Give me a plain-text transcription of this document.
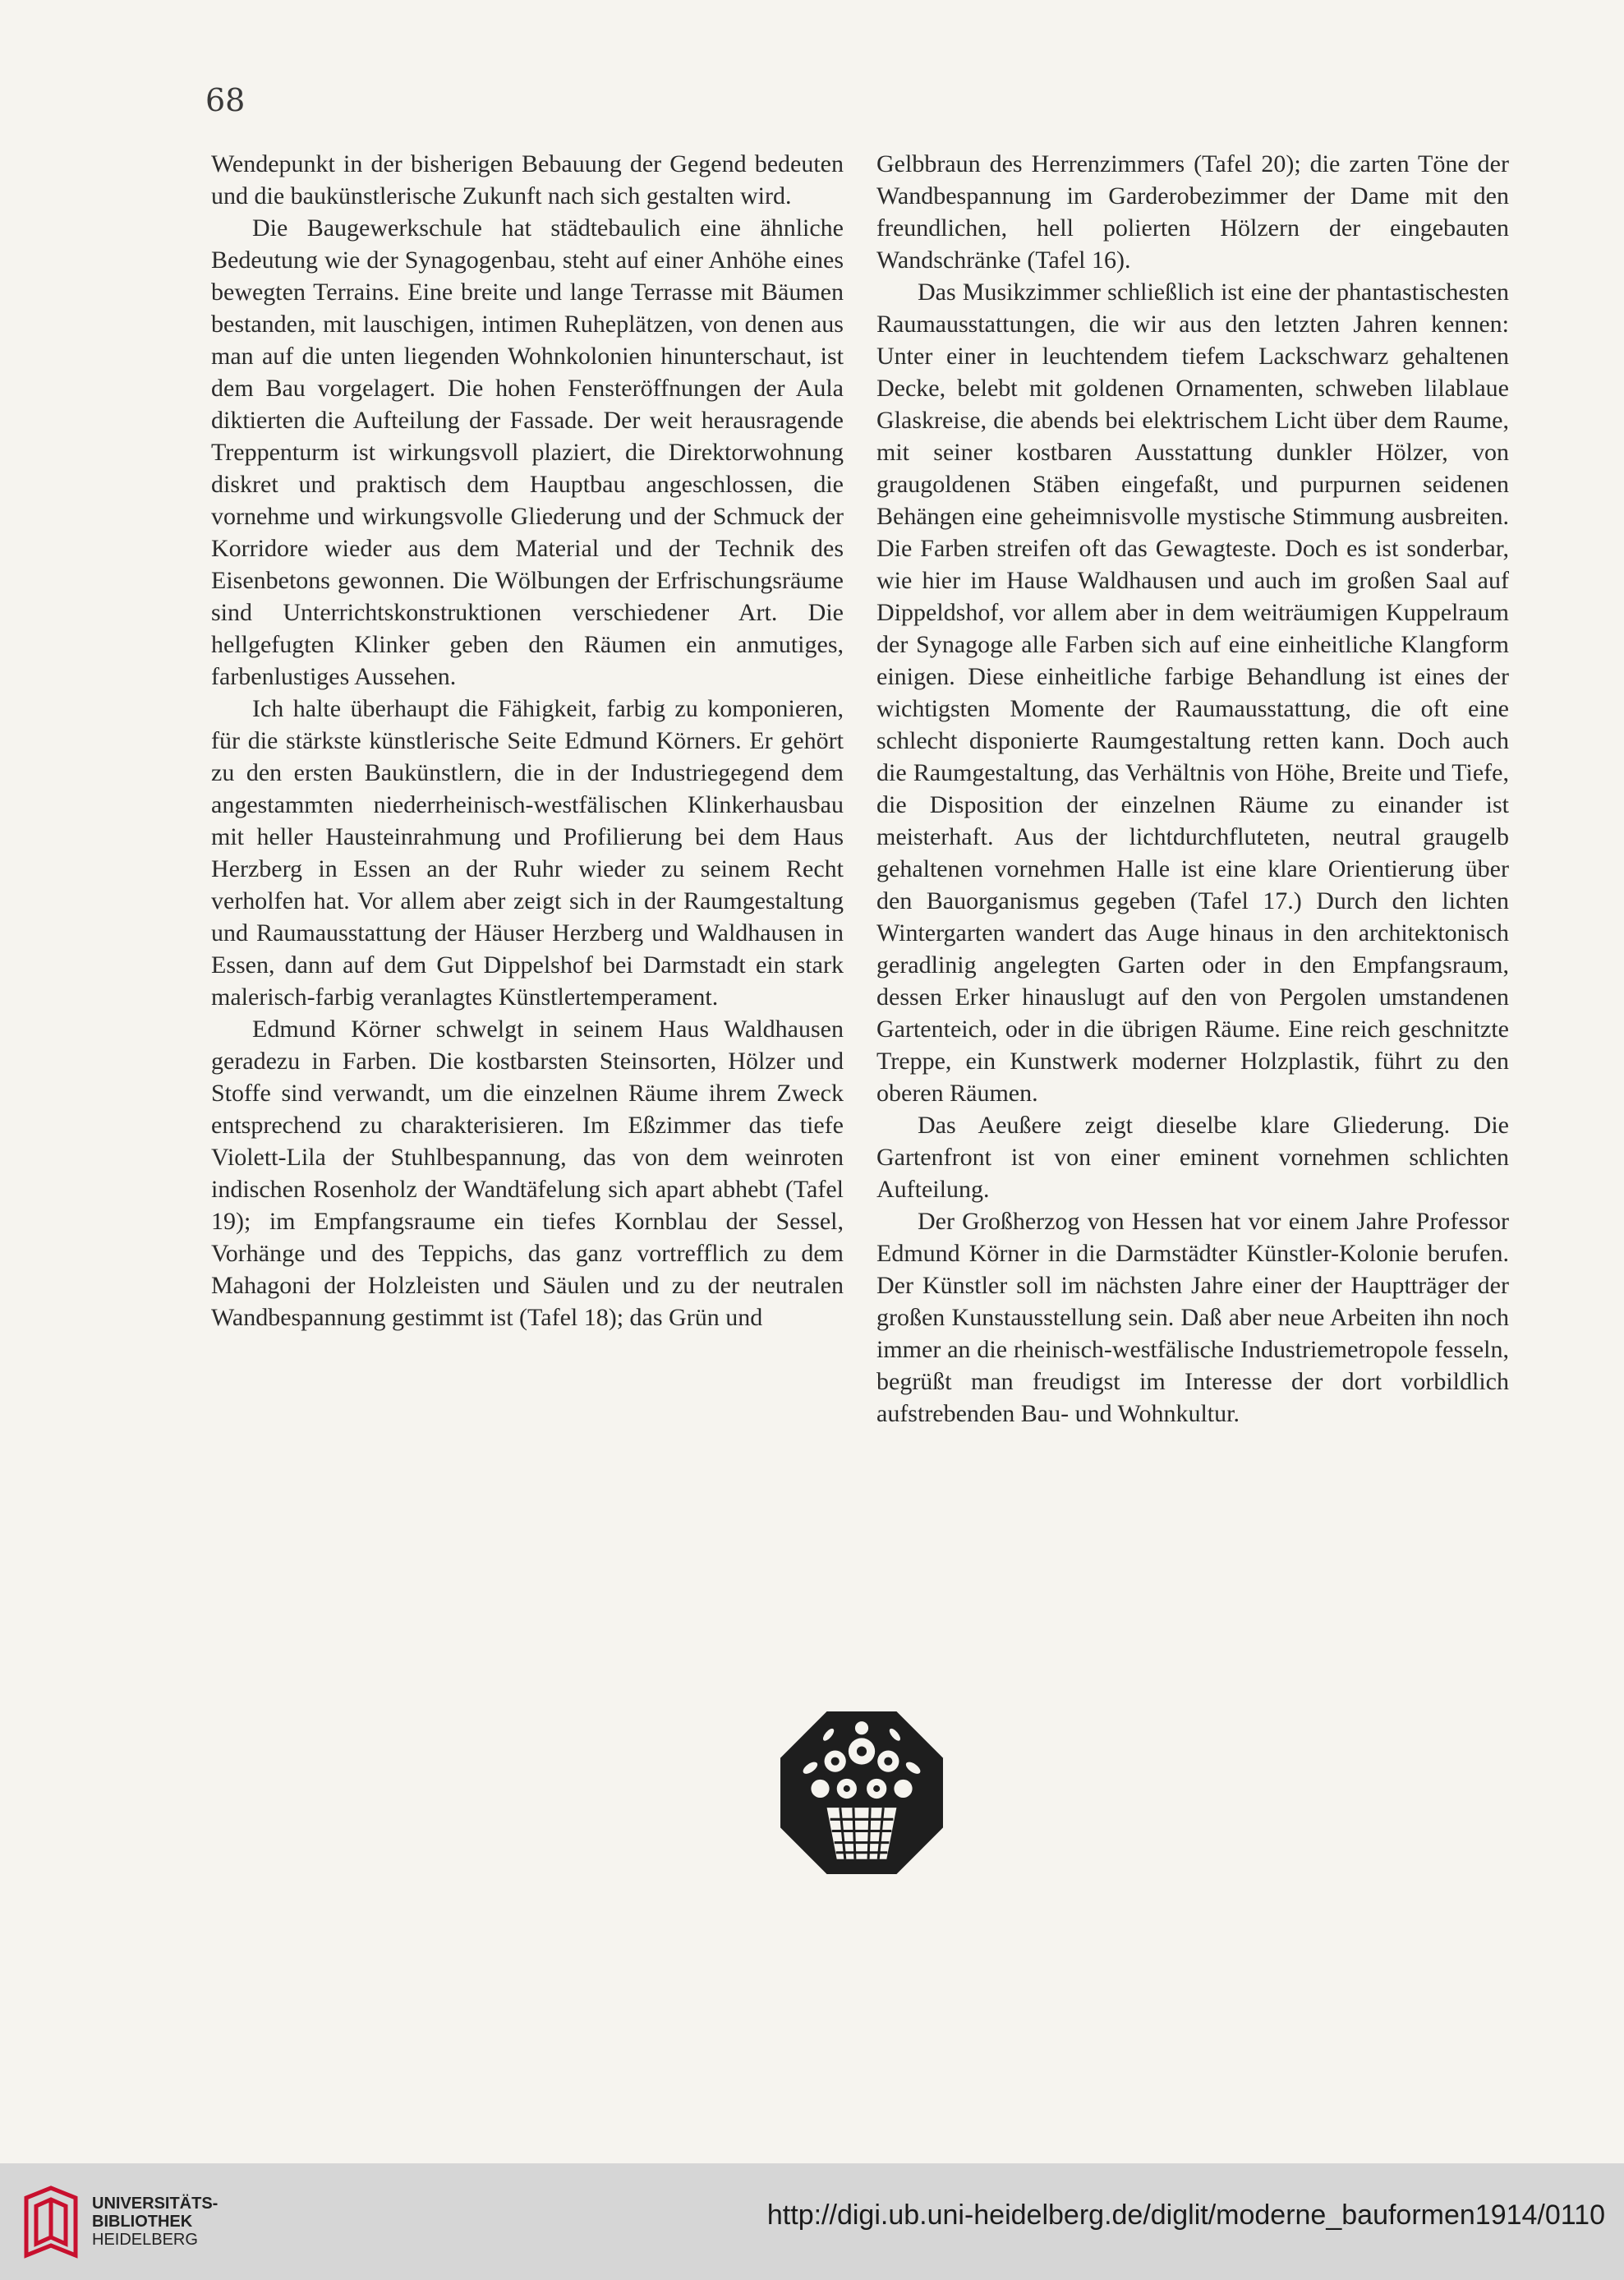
68

Wendepunkt in der bisherigen Bebauung der Gegend bedeuten und die baukünstlerische Zukunft nach sich gestalten wird.

Die Baugewerkschule hat städtebaulich eine ähnliche Bedeutung wie der Synagogenbau, steht auf einer Anhöhe eines bewegten Terrains. Eine breite und lange Terrasse mit Bäumen bestanden, mit lauschigen, intimen Ruheplätzen, von denen aus man auf die unten liegenden Wohnkolonien hinunterschaut, ist dem Bau vorgelagert. Die hohen Fensteröffnungen der Aula diktierten die Aufteilung der Fassade. Der weit herausragende Treppenturm ist wirkungsvoll plaziert, die Direktorwohnung diskret und praktisch dem Hauptbau angeschlossen, die vornehme und wirkungsvolle Gliederung und der Schmuck der Korridore wieder aus dem Material und der Technik des Eisenbetons gewonnen. Die Wölbungen der Erfrischungsräume sind Unterrichtskonstruktionen verschiedener Art. Die hellgefugten Klinker geben den Räumen ein anmutiges, farbenlustiges Aussehen.

Ich halte überhaupt die Fähigkeit, farbig zu komponieren, für die stärkste künstlerische Seite Edmund Körners. Er gehört zu den ersten Baukünstlern, die in der Industriegegend dem angestammten niederrheinisch-westfälischen Klinkerhausbau mit heller Hausteinrahmung und Profilierung bei dem Haus Herzberg in Essen an der Ruhr wieder zu seinem Recht verholfen hat. Vor allem aber zeigt sich in der Raumgestaltung und Raumausstattung der Häuser Herzberg und Waldhausen in Essen, dann auf dem Gut Dippelshof bei Darmstadt ein stark malerisch-farbig veranlagtes Künstlertemperament.

Edmund Körner schwelgt in seinem Haus Waldhausen geradezu in Farben. Die kostbarsten Steinsorten, Hölzer und Stoffe sind verwandt, um die einzelnen Räume ihrem Zweck entsprechend zu charakterisieren. Im Eßzimmer das tiefe Violett-Lila der Stuhlbespannung, das von dem weinroten indischen Rosenholz der Wandtäfelung sich apart abhebt (Tafel 19); im Empfangsraume ein tiefes Kornblau der Sessel, Vorhänge und des Teppichs, das ganz vortrefflich zu dem Mahagoni der Holzleisten und Säulen und zu der neutralen Wandbespannung gestimmt ist (Tafel 18); das Grün und

Gelbbraun des Herrenzimmers (Tafel 20); die zarten Töne der Wandbespannung im Garderobezimmer der Dame mit den freundlichen, hell polierten Hölzern der eingebauten Wandschränke (Tafel 16).

Das Musikzimmer schließlich ist eine der phantastischesten Raumausstattungen, die wir aus den letzten Jahren kennen: Unter einer in leuchtendem tiefem Lackschwarz gehaltenen Decke, belebt mit goldenen Ornamenten, schweben lilablaue Glaskreise, die abends bei elektrischem Licht über dem Raume, mit seiner kostbaren Ausstattung dunkler Hölzer, von graugoldenen Stäben eingefaßt, und purpurnen seidenen Behängen eine geheimnisvolle mystische Stimmung ausbreiten. Die Farben streifen oft das Gewagteste. Doch es ist sonderbar, wie hier im Hause Waldhausen und auch im großen Saal auf Dippeldshof, vor allem aber in dem weiträumigen Kuppelraum der Synagoge alle Farben sich auf eine einheitliche Klangform einigen. Diese einheitliche farbige Behandlung ist eines der wichtigsten Momente der Raumausstattung, die oft eine schlecht disponierte Raumgestaltung retten kann. Doch auch die Raumgestaltung, das Verhältnis von Höhe, Breite und Tiefe, die Disposition der einzelnen Räume zu einander ist meisterhaft. Aus der lichtdurchfluteten, neutral graugelb gehaltenen vornehmen Halle ist eine klare Orientierung über den Bauorganismus gegeben (Tafel 17.) Durch den lichten Wintergarten wandert das Auge hinaus in den architektonisch geradlinig angelegten Garten oder in den Empfangsraum, dessen Erker hinauslugt auf den von Pergolen umstandenen Gartenteich, oder in die übrigen Räume. Eine reich geschnitzte Treppe, ein Kunstwerk moderner Holzplastik, führt zu den oberen Räumen.

Das Aeußere zeigt dieselbe klare Gliederung. Die Gartenfront ist von einer eminent vornehmen schlichten Aufteilung.

Der Großherzog von Hessen hat vor einem Jahre Professor Edmund Körner in die Darmstädter Künstler-Kolonie berufen. Der Künstler soll im nächsten Jahre einer der Hauptträger der großen Kunstausstellung sein. Daß aber neue Arbeiten ihn noch immer an die rheinisch-westfälische Industriemetropole fesseln, begrüßt man freudigst im Interesse der dort vorbildlich aufstrebenden Bau- und Wohnkultur.

UNIVERSITÄTS-
BIBLIOTHEK
HEIDELBERG
http://digi.ub.uni-heidelberg.de/diglit/moderne_bauformen1914/0110
